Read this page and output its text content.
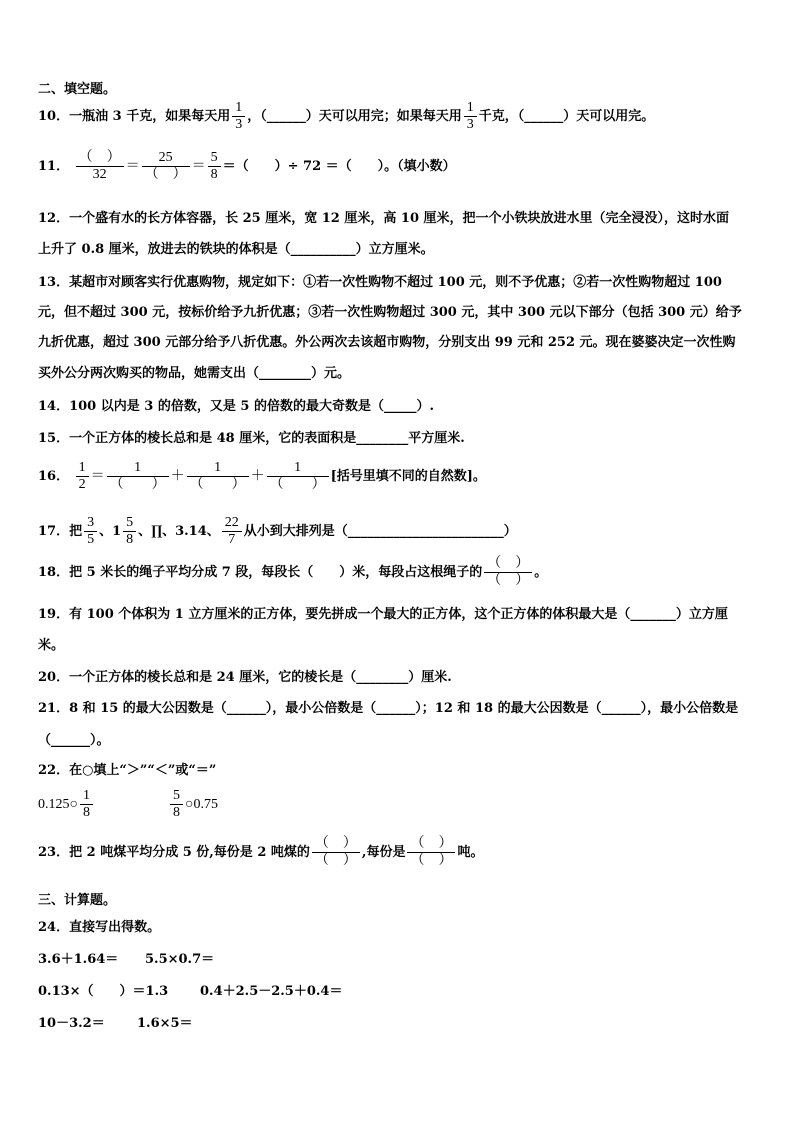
二、填空题。
10．一瓶油 3 千克，如果每天用 $\frac{1}{3}$ ，（______）天可以用完；如果每天用 $\frac{1}{3}$ 千克，（______）天可以用完。
11． $\frac{( )}{32} = \frac{25}{( )} = \frac{5}{8}$ ＝（　　）÷ 72 ＝（　　）。（填小数）
12．一个盛有水的长方体容器，长 25 厘米，宽 12 厘米，高 10 厘米，把一个小铁块放进水里（完全浸没），这时水面
上升了 0.8 厘米，放进去的铁块的体积是（__________）立方厘米。
13．某超市对顾客实行优惠购物，规定如下：①若一次性购物不超过 100 元，则不予优惠；②若一次性购物超过 100
元，但不超过 300 元，按标价给予九折优惠；③若一次性购物超过 300 元，其中 300 元以下部分（包括 300 元）给予
九折优惠，超过 300 元部分给予八折优惠。外公两次去该超市购物，分别支出 99 元和 252 元。现在婆婆决定一次性购
买外公分两次购买的物品，她需支出（________）元。
14．100 以内是 3 的倍数，又是 5 的倍数的最大奇数是（_____）.
15．一个正方体的棱长总和是 48 厘米，它的表面积是________平方厘米.
16． $\frac{1}{2} = \frac{1}{( )} + \frac{1}{( )} + \frac{1}{( )}$ [括号里填不同的自然数]。
17．把 $\frac{3}{5}$ 、$1 \frac{5}{8}$ 、∏、3.14、 $\frac{22}{7}$ 从小到大排列是（________________________）
18．把 5 米长的绳子平均分成 7 段，每段长（　　）米，每段占这根绳子的 $\frac{( )}{( )}$ 。
19．有 100 个体积为 1 立方厘米的正方体，要先拼成一个最大的正方体，这个正方体的体积最大是（_______）立方厘
米。
20．一个正方体的棱长总和是 24 厘米，它的棱长是（________）厘米.
21．8 和 15 的最大公因数是（______），最小公倍数是（______）；12 和 18 的最大公因数是（______），最小公倍数是
（______）。
22．在○填上“＞”“＜”或“＝”
0.125○ $\frac{1}{8}$	$\frac{5}{8}$ ○0.75
23．把 2 吨煤平均分成 5 份,每份是 2 吨煤的 $\frac{( )}{( )}$ ,每份是 $\frac{( )}{( )}$ 吨。
三、计算题。
24．直接写出得数。
3.6＋1.64＝ 5.5×0.7＝
0.13×（　　）＝1.3 0.4＋2.5－2.5＋0.4＝
10－3.2＝ 1.6×5＝
